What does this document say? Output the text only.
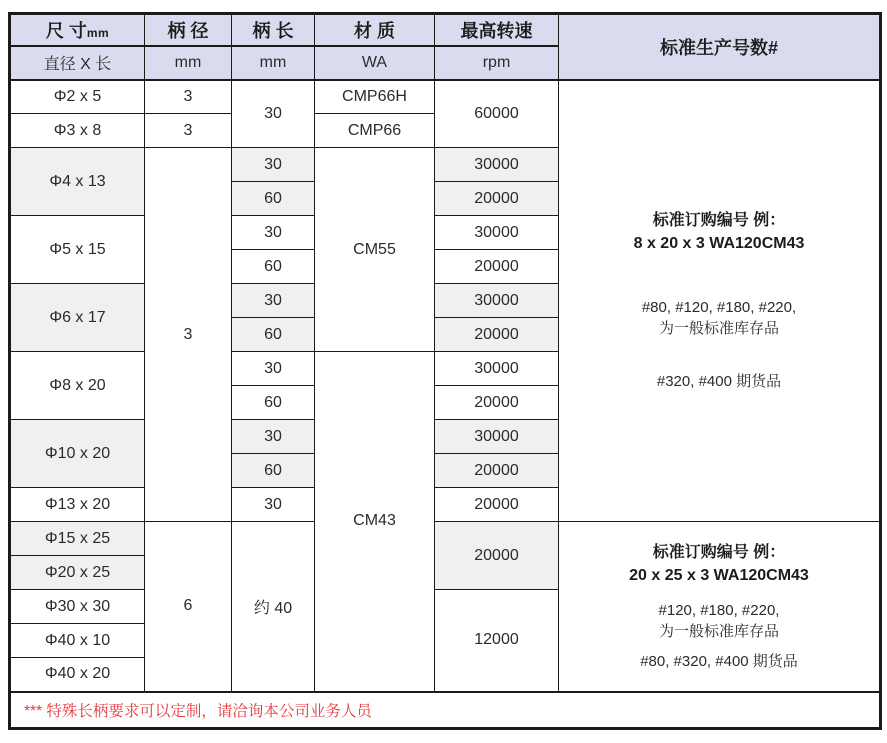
尺 寸mm	柄 径	柄 长	材 质	最高转速	标准生产号数#
直径 X 长	mm	mm	WA	rpm	
Φ2 x 5	3	30	CMP66H	60000	标准订购编号 例：
8 x 20 x 3 WA120CM43
#80, #120, #180, #220,
为一般标准库存品
#320, #400 期货品

Φ3 x 8	3		CMP66		
Φ4 x 13	3	30	CM55	30000	
		60		20000	
Φ5 x 15		30		30000	
		60		20000	
Φ6 x 17		30		30000	
		60		20000	
Φ8 x 20		30	CM43	30000	
		60		20000	
Φ10 x 20		30		30000	
		60		20000	
Φ13 x 20		30		20000	
Φ15 x 25	6	约 40		20000	标准订购编号 例：
20 x 25 x 3 WA120CM43
#120, #180, #220,
为一般标准库存品
#80, #320, #400 期货品

Φ20 x 25					
Φ30 x 30				12000	
Φ40 x 10					
Φ40 x 20					
*** 特殊长柄要求可以定制，请洽询本公司业务人员					
